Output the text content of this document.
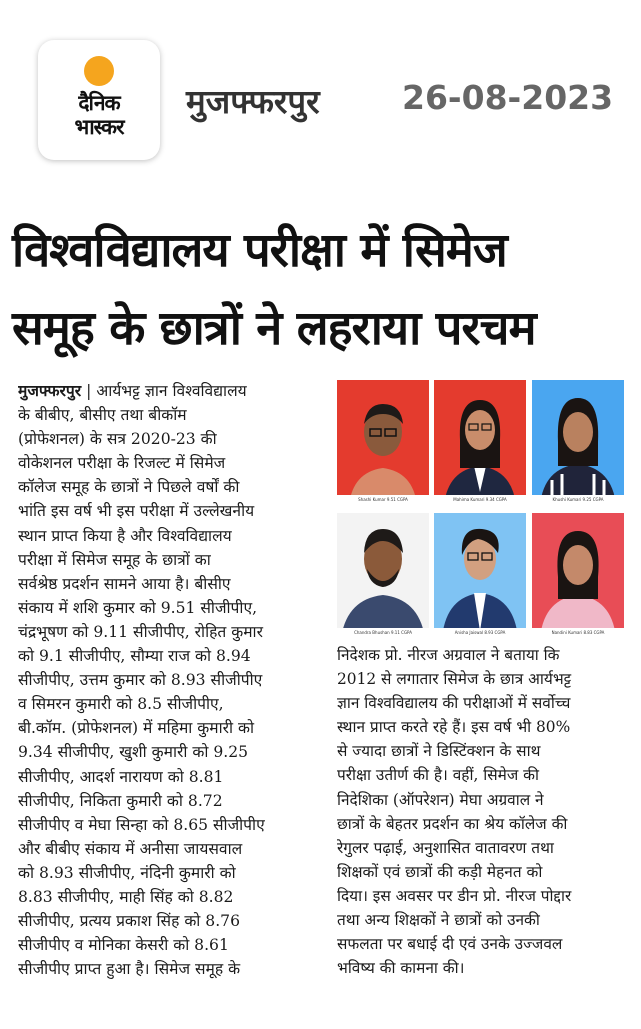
दैनिक
भास्कर
मुजफ्फरपुर 26-08-2023
विश्वविद्यालय परीक्षा में सिमेज
समूह के छात्रों ने लहराया परचम
मुजफ्फरपुर | आर्यभट्ट ज्ञान विश्वविद्यालय
के बीबीए, बीसीए तथा बीकॉम
(प्रोफेशनल) के सत्र 2020-23 की
वोकेशनल परीक्षा के रिजल्ट में सिमेज
कॉलेज समूह के छात्रों ने पिछले वर्षों की
भांति इस वर्ष भी इस परीक्षा में उल्लेखनीय
स्थान प्राप्त किया है और विश्वविद्यालय
परीक्षा में सिमेज समूह के छात्रों का
सर्वश्रेष्ठ प्रदर्शन सामने आया है। बीसीए
संकाय में शशि कुमार को 9.51 सीजीपीए,
चंद्रभूषण को 9.11 सीजीपीए, रोहित कुमार
को 9.1 सीजीपीए, सौम्या राज को 8.94
सीजीपीए, उत्तम कुमार को 8.93 सीजीपीए
व सिमरन कुमारी को 8.5 सीजीपीए,
बी.कॉम. (प्रोफेशनल) में महिमा कुमारी को
9.34 सीजीपीए, खुशी कुमारी को 9.25
सीजीपीए, आदर्श नारायण को 8.81
सीजीपीए, निकिता कुमारी को 8.72
सीजीपीए व मेघा सिन्हा को 8.65 सीजीपीए
और बीबीए संकाय में अनीसा जायसवाल
को 8.93 सीजीपीए, नंदिनी कुमारी को
8.83 सीजीपीए, माही सिंह को 8.82
सीजीपीए, प्रत्यय प्रकाश सिंह को 8.76
सीजीपीए व मोनिका केसरी को 8.61
सीजीपीए प्राप्त हुआ है। सिमेज समूह के
Shashi Kumar 9.51 CGPA	Mahima Kumari 9.34 CGPA	Khushi Kumari 9.25 CGPA
Chandra Bhushan 9.11 CGPA	Anisha Jaiswal 8.93 CGPA	Nandini Kumari 8.83 CGPA
निदेशक प्रो. नीरज अग्रवाल ने बताया कि
2012 से लगातार सिमेज के छात्र आर्यभट्ट
ज्ञान विश्वविद्यालय की परीक्षाओं में सर्वोच्च
स्थान प्राप्त करते रहे हैं। इस वर्ष भी 80%
से ज्यादा छात्रों ने डिस्टिंक्शन के साथ
परीक्षा उतीर्ण की है। वहीं, सिमेज की
निदेशिका (ऑपरेशन) मेघा अग्रवाल ने
छात्रों के बेहतर प्रदर्शन का श्रेय कॉलेज की
रेगुलर पढ़ाई, अनुशासित वातावरण तथा
शिक्षकों एवं छात्रों की कड़ी मेहनत को
दिया। इस अवसर पर डीन प्रो. नीरज पोद्दार
तथा अन्य शिक्षकों ने छात्रों को उनकी
सफलता पर बधाई दी एवं उनके उज्जवल
भविष्य की कामना की।
